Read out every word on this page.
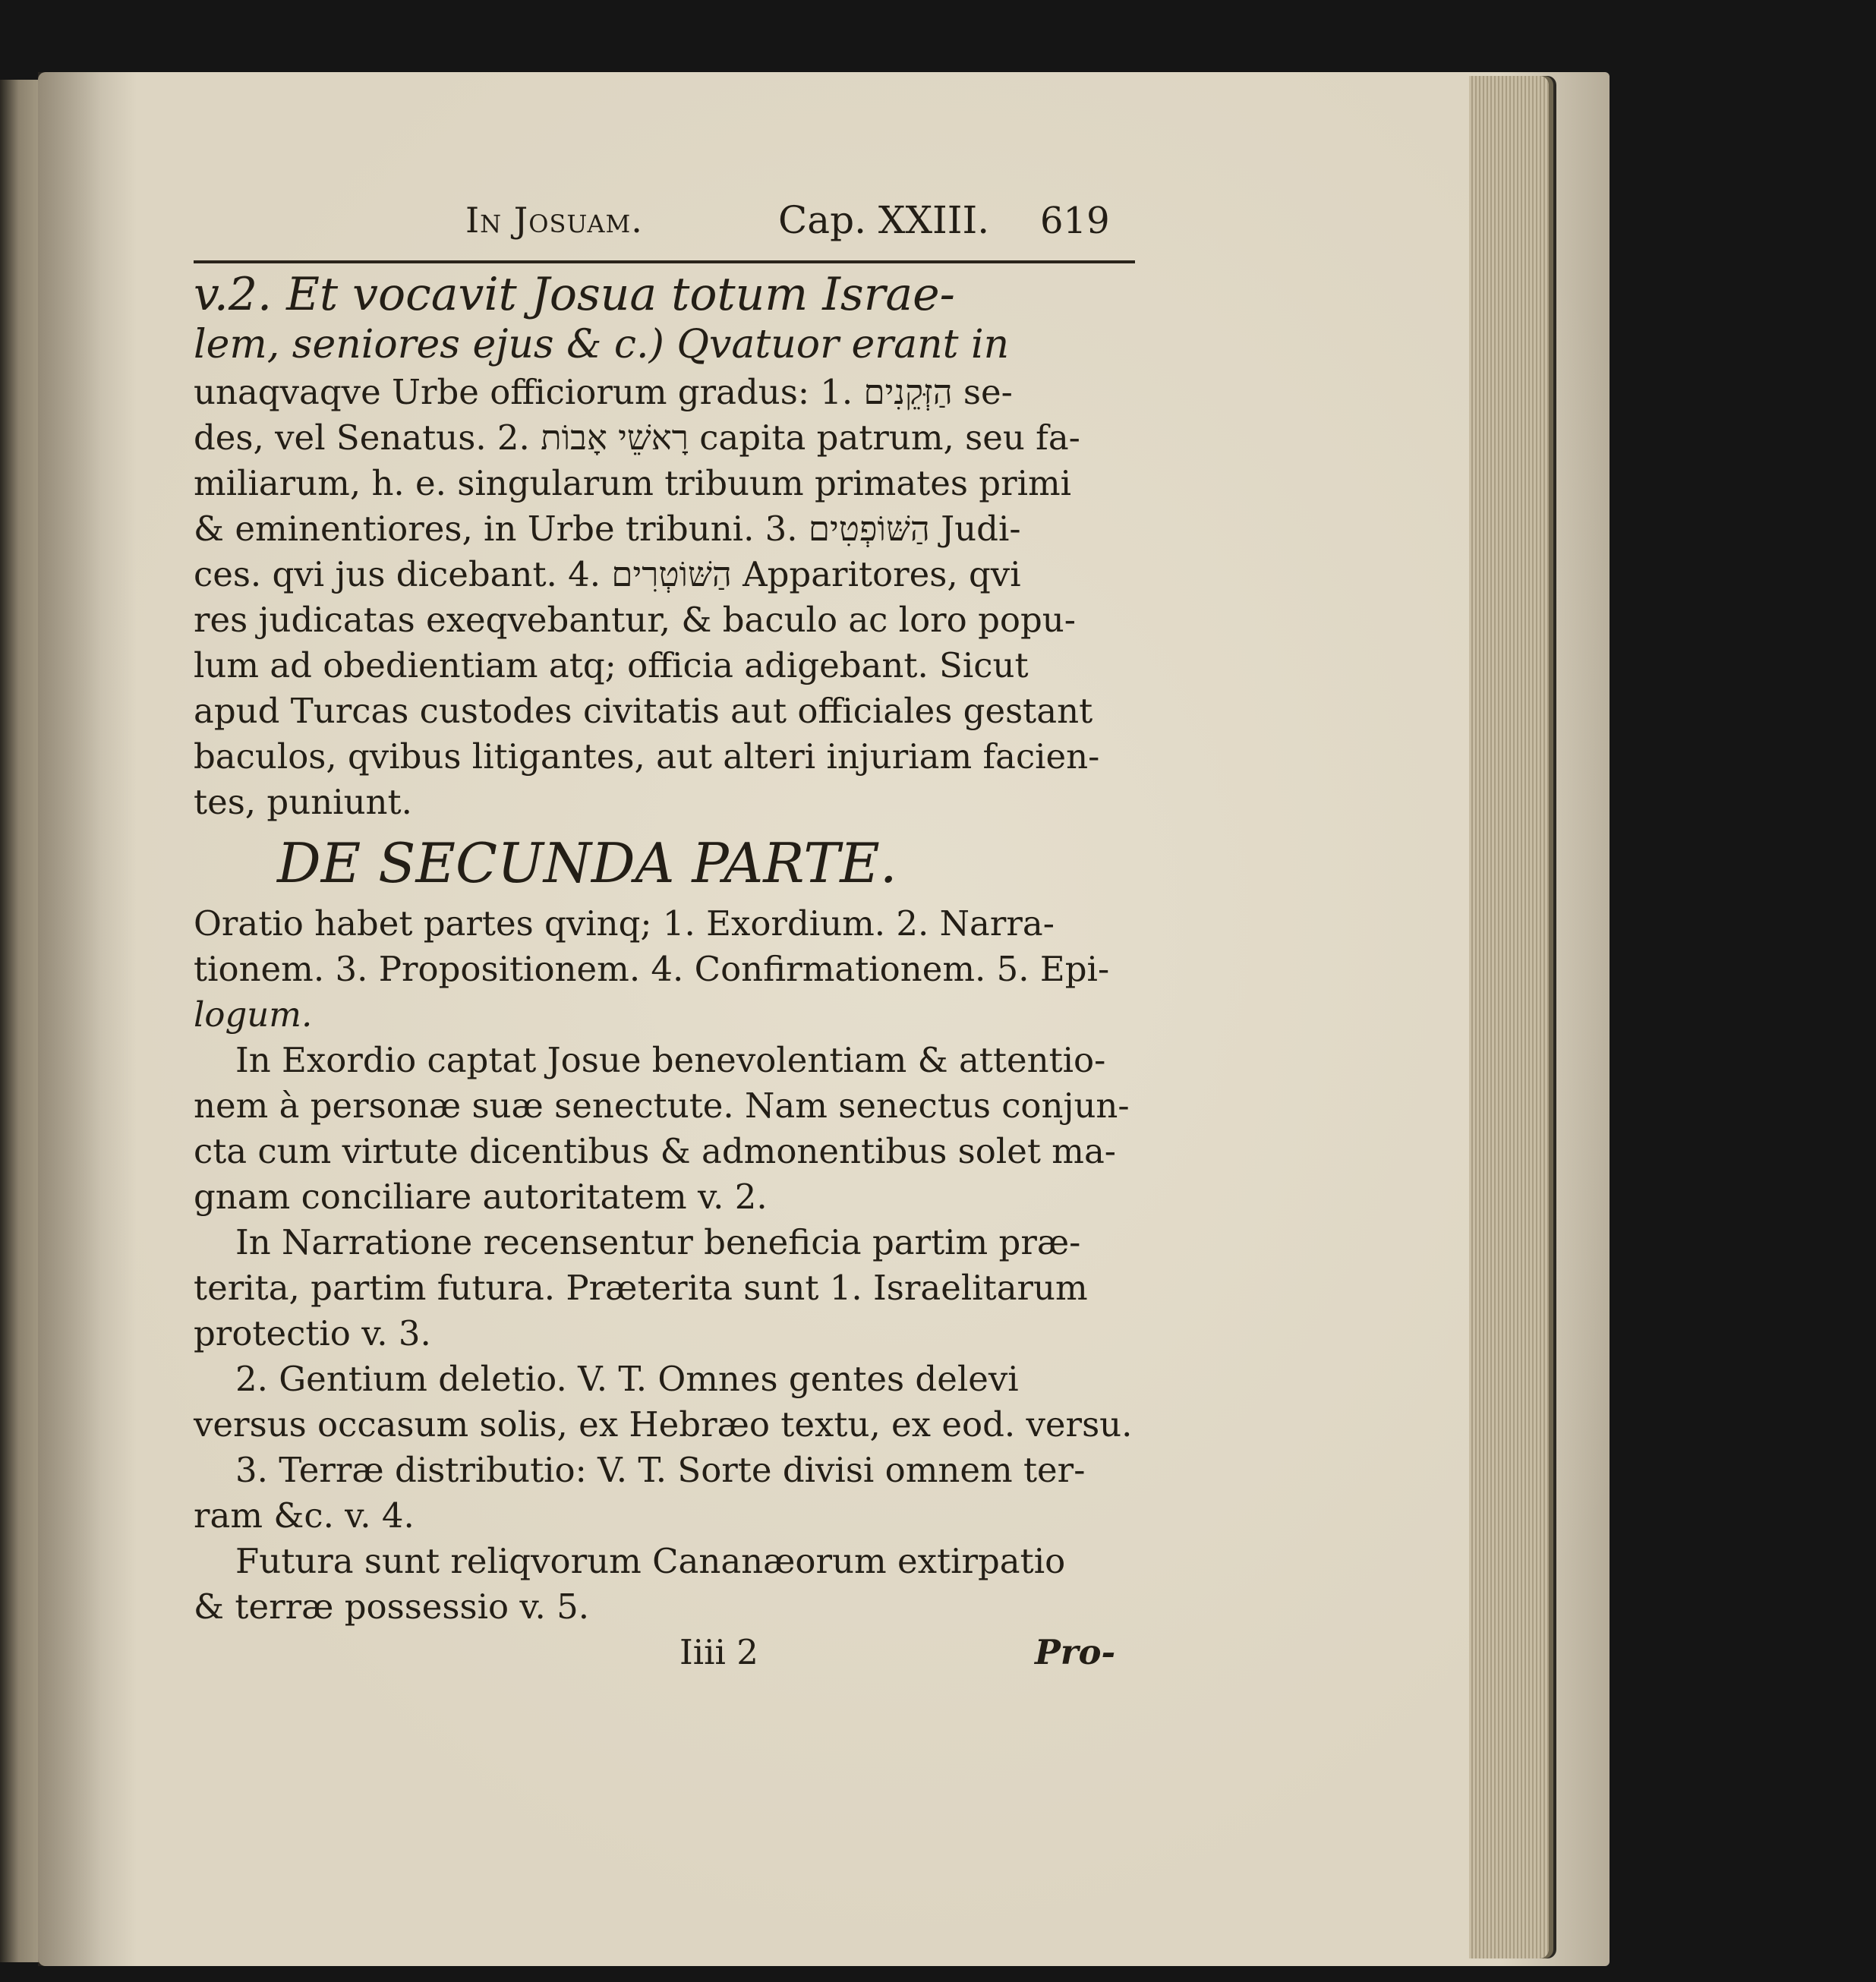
In Josuam.	Cap. XXIII. 619
v.2. Et vocavit Josua totum Israe-
lem, seniores ejus & c.) Qvatuor erant in
unaqvaqve Urbe officiorum gradus: 1. הַזְּקֵנִים se-
des, vel Senatus. 2. רָאשֵׁי אָבוֹת capita patrum, seu fa-
miliarum, h. e. singularum tribuum primates primi
& eminentiores, in Urbe tribuni. 3. הַשּׁוֹפְטִים Judi-
ces. qvi jus dicebant. 4. הַשּׁוֹטְרִים Apparitores, qvi
res judicatas exeqvebantur, & baculo ac loro popu-
lum ad obedientiam atq; officia adigebant. Sicut
apud Turcas custodes civitatis aut officiales gestant
baculos, qvibus litigantes, aut alteri injuriam facien-
tes, puniunt.
DE SECUNDA PARTE.
Oratio habet partes qvinq; 1. Exordium. 2. Narra-
tionem. 3. Propositionem. 4. Confirmationem. 5. Epi-
logum.
In Exordio captat Josue benevolentiam & attentio-
nem à personæ suæ senectute. Nam senectus conjun-
cta cum virtute dicentibus & admonentibus solet ma-
gnam conciliare autoritatem v. 2.
In Narratione recensentur beneficia partim præ-
terita, partim futura. Præterita sunt 1. Israelitarum
protectio v. 3.
2. Gentium deletio. V. T. Omnes gentes delevi
versus occasum solis, ex Hebræo textu, ex eod. versu.
3. Terræ distributio: V. T. Sorte divisi omnem ter-
ram &c. v. 4.
Futura sunt reliqvorum Cananæorum extirpatio
& terræ possessio v. 5.
Iiii 2	Pro-
